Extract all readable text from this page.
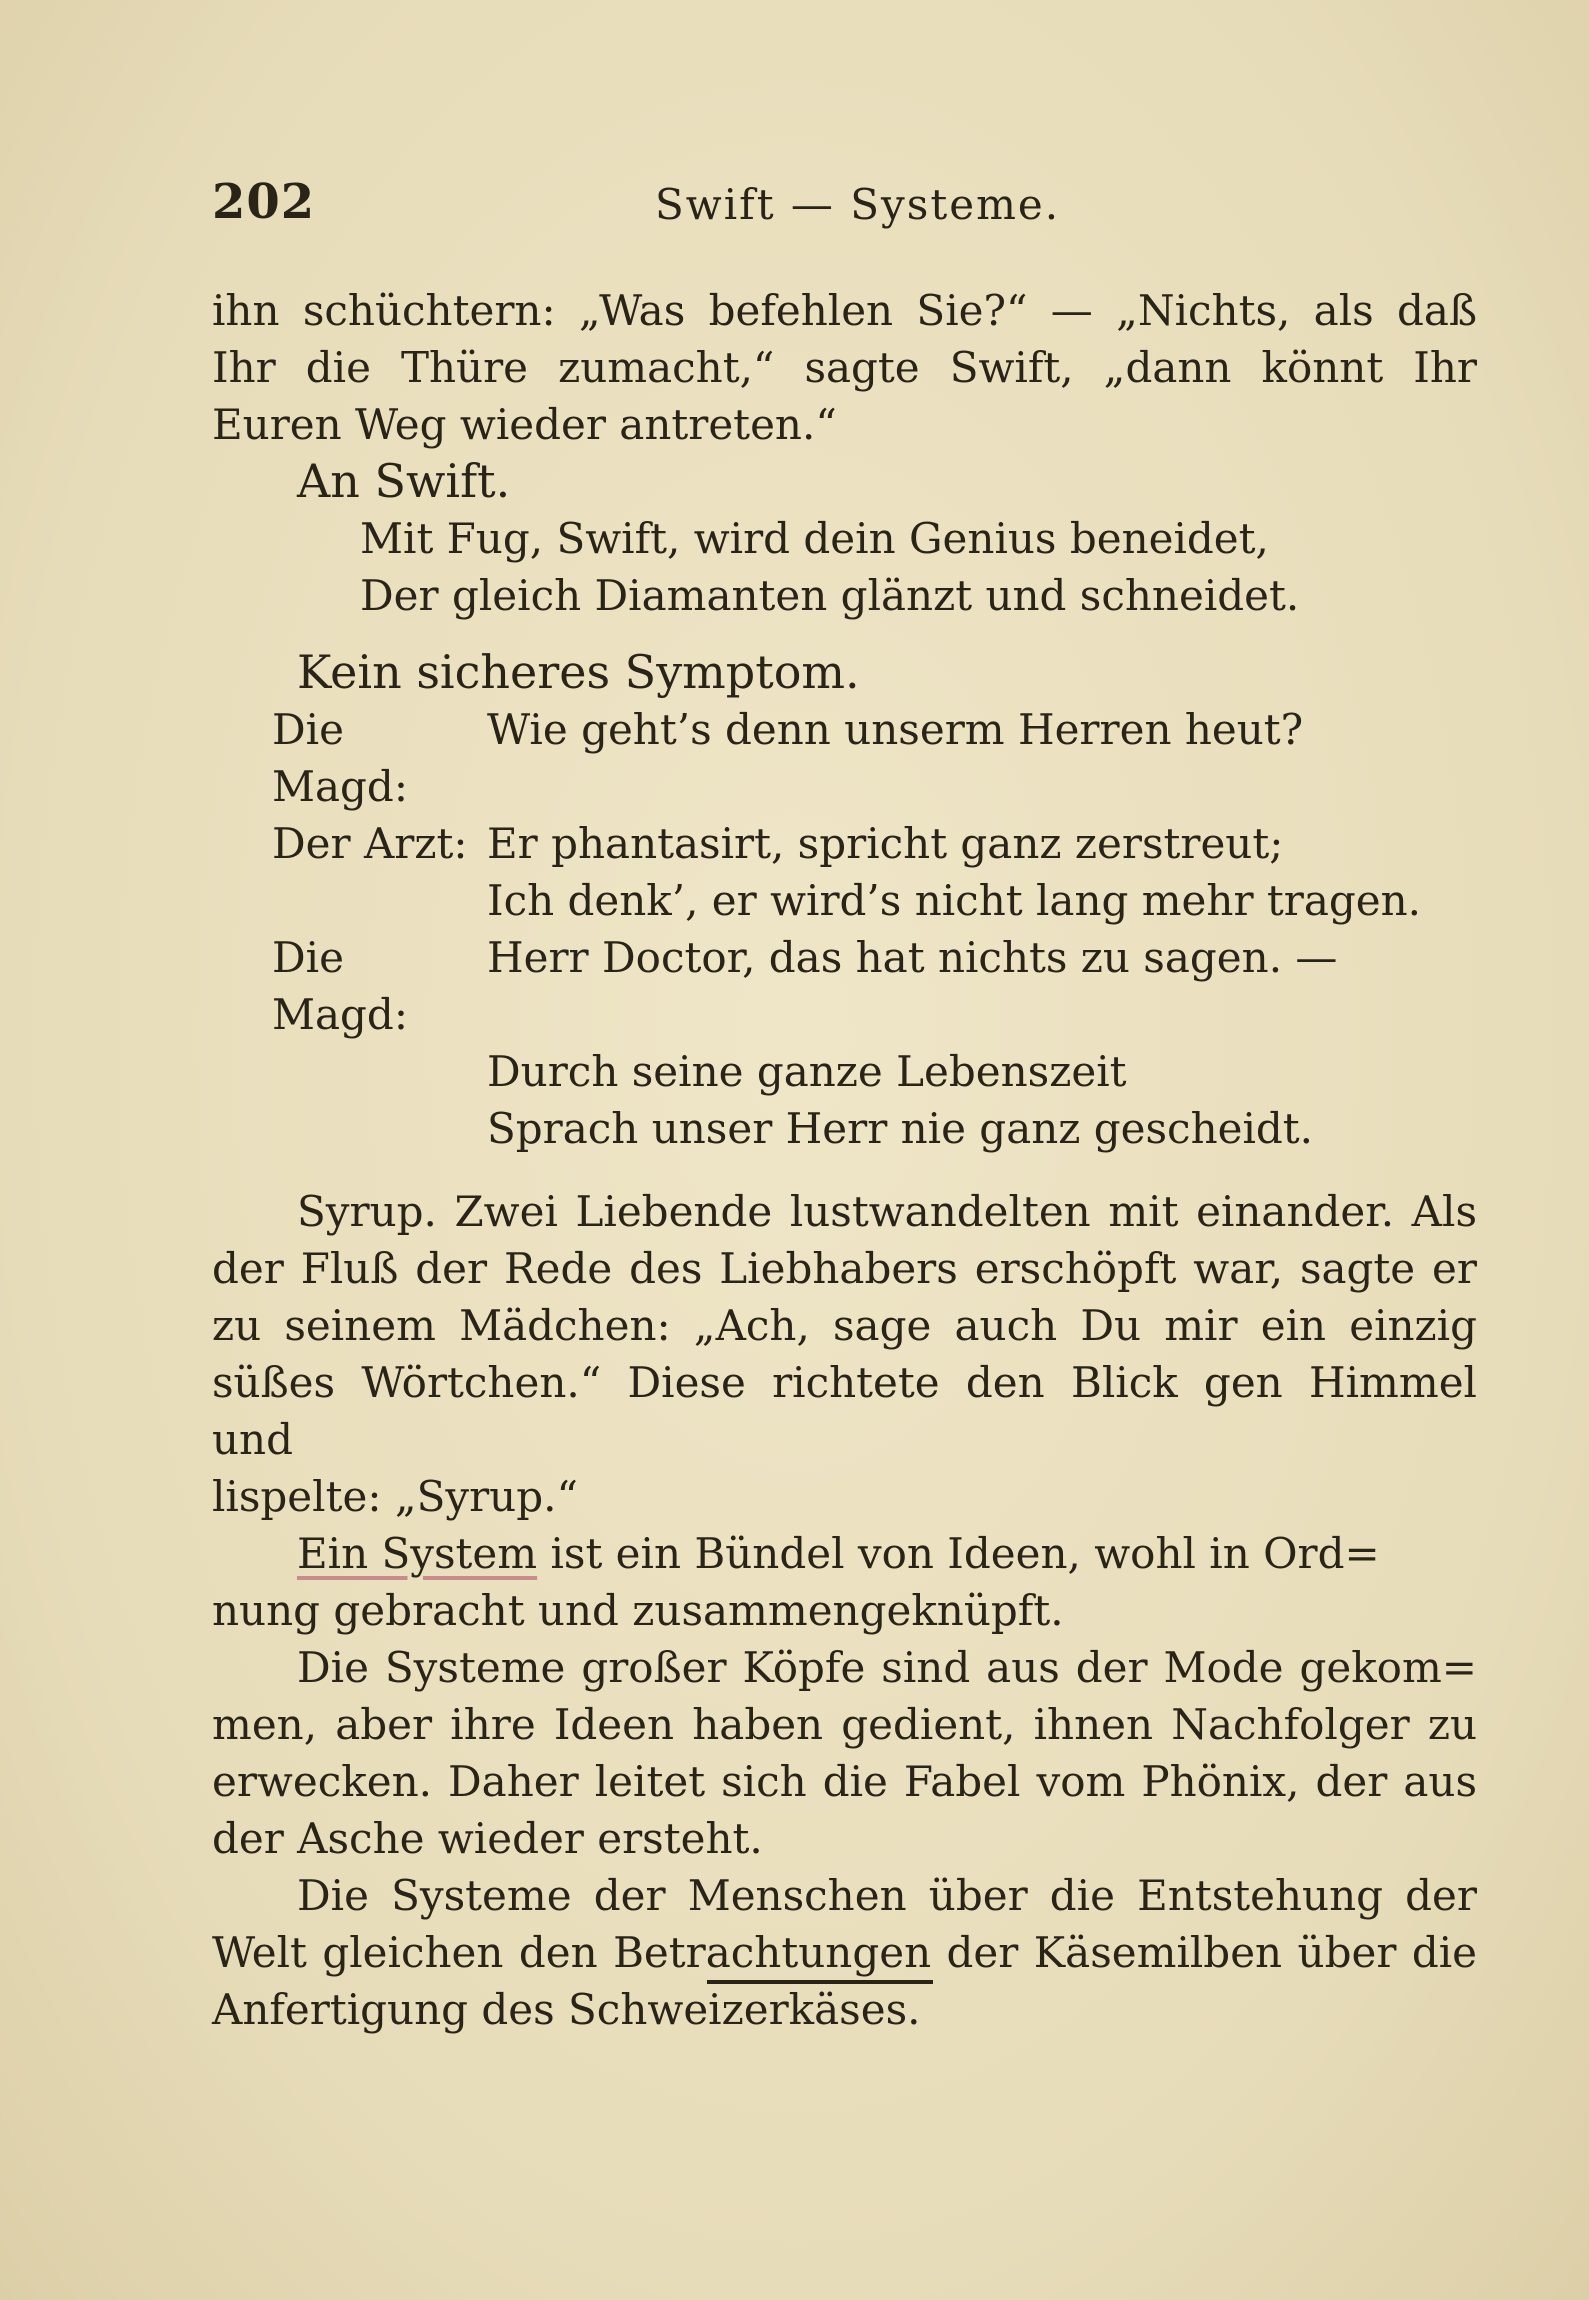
202	Swift — Systeme.
ihn schüchtern: „Was befehlen Sie?“ — „Nichts, als daß
Ihr die Thüre zumacht,“ sagte Swift, „dann könnt Ihr
Euren Weg wieder antreten.“
An Swift.
Mit Fug, Swift, wird dein Genius beneidet,
Der gleich Diamanten glänzt und schneidet.
Kein sicheres Symptom.
Die Magd:
Wie geht’s denn unserm Herren heut?
Der Arzt: Er phantasirt, spricht ganz zerstreut;
Ich denk’, er wird’s nicht lang mehr tragen.
Die Magd:
Herr Doctor, das hat nichts zu sagen. —
Durch seine ganze Lebenszeit
Sprach unser Herr nie ganz gescheidt.
Syrup. Zwei Liebende lustwandelten mit einander. Als
der Fluß der Rede des Liebhabers erschöpft war, sagte er
zu seinem Mädchen: „Ach, sage auch Du mir ein einzig
süßes Wörtchen.“ Diese richtete den Blick gen Himmel und
lispelte: „Syrup.“
Ein System ist ein Bündel von Ideen, wohl in Ord=
nung gebracht und zusammengeknüpft.
Die Systeme großer Köpfe sind aus der Mode gekom=
men, aber ihre Ideen haben gedient, ihnen Nachfolger zu
erwecken. Daher leitet sich die Fabel vom Phönix, der aus
der Asche wieder ersteht.
Die Systeme der Menschen über die Entstehung der
Welt gleichen den Betrachtungen der Käsemilben über die
Anfertigung des Schweizerkäses.
